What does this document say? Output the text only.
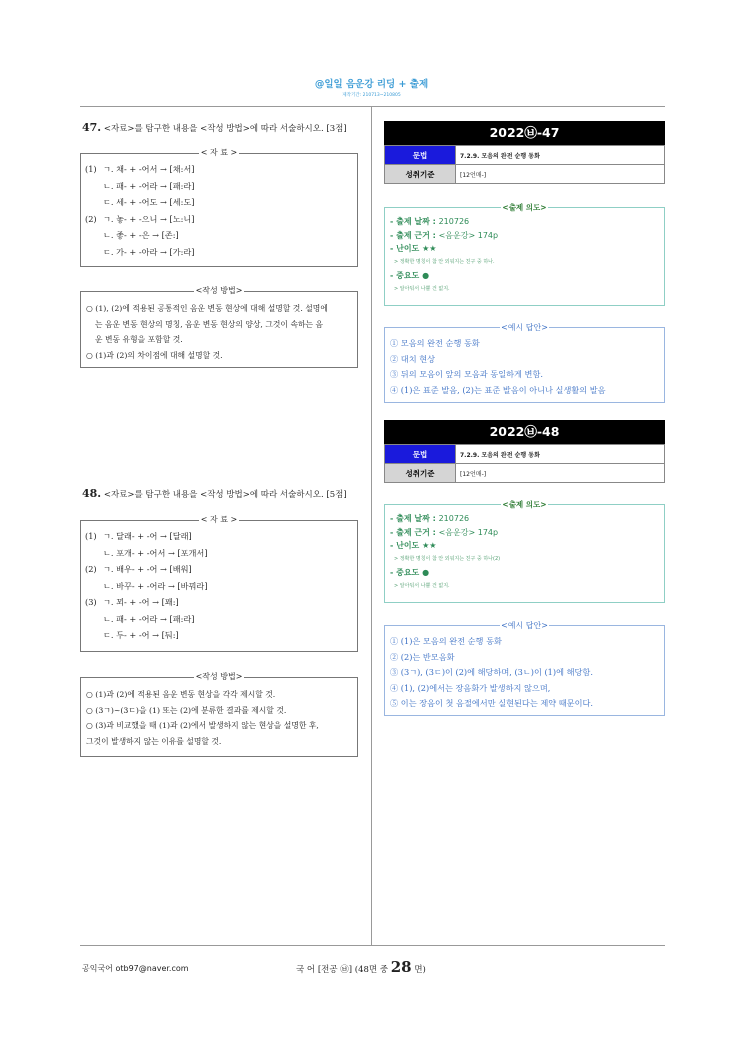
@일일 음운강 리딩 + 출제
제작기간: 210713~210805
47. <자료>를 탐구한 내용을 <작성 방법>에 따라 서술하시오. [3점]
< 자 료 >
(1) ㄱ. 채- + -어서 → [채:서]
ㄴ. 패- + -어라 → [패:라]
ㄷ. 세- + -어도 → [세:도]
(2) ㄱ. 놓- + -으니 → [노:니]
ㄴ. 좋- + -은 → [존:]
ㄷ. 가- + -아라 → [가:라]
<작성 방법>
○ (1), (2)에 적용된 공통적인 음운 변동 현상에 대해 설명할 것. 설명에
는 음운 변동 현상의 명칭, 음운 변동 현상의 양상, 그것이 속하는 음
운 변동 유형을 포함할 것.
○ (1)과 (2)의 차이점에 대해 설명할 것.
48. <자료>를 탐구한 내용을 <작성 방법>에 따라 서술하시오. [5점]
< 자 료 >
(1) ㄱ. 달래- + -어 → [달래]
ㄴ. 포개- + -어서 → [포개서]
(2) ㄱ. 배우- + -어 → [배워]
ㄴ. 바꾸- + -어라 → [바꿔라]
(3) ㄱ. 꾀- + -어 → [꽤:]
ㄴ. 패- + -어라 → [패:라]
ㄷ. 두- + -어 → [둬:]
<작성 방법>
○ (1)과 (2)에 적용된 음운 변동 현상을 각각 제시할 것.
○ (3ㄱ)~(3ㄷ)을 (1) 또는 (2)에 분류한 결과를 제시할 것.
○ (3)과 비교했을 때 (1)과 (2)에서 발생하지 않는 현상을 설명한 후,
그것이 발생하지 않는 이유를 설명할 것.
2022㉥-47
문법	7.2.9. 모음의 완전 순행 동화
성취기준	[12언매-]
<출제 의도>
- 출제 날짜 : 210726
- 출제 근거 : <음운강> 174p
- 난이도 ★★
> 정확한 명칭이 참 안 외워지는 친구 중 하나.
- 중요도 ●
> 알아둬서 나쁠 건 없지.
<예시 답안>
① 모음의 완전 순행 동화
② 대치 현상
③ 뒤의 모음이 앞의 모음과 동일하게 변함.
④ (1)은 표준 발음, (2)는 표준 발음이 아니나 실생활의 발음
2022㉥-48
문법	7.2.9. 모음의 완전 순행 동화
성취기준	[12언매-]
<출제 의도>
- 출제 날짜 : 210726
- 출제 근거 : <음운강> 174p
- 난이도 ★★
> 정확한 명칭이 참 안 외워지는 친구 중 하나(2)
- 중요도 ●
> 알아둬서 나쁠 건 없지.
<예시 답안>
① (1)은 모음의 완전 순행 동화
② (2)는 반모음화
③ (3ㄱ), (3ㄷ)이 (2)에 해당하며, (3ㄴ)이 (1)에 해당함.
④ (1), (2)에서는 장음화가 발생하지 않으며,
⑤ 이는 장음이 첫 음절에서만 실현된다는 제약 때문이다.
공익국어 otb97@naver.com	국 어 [전공 ㉥] (48면 중 28 면)
